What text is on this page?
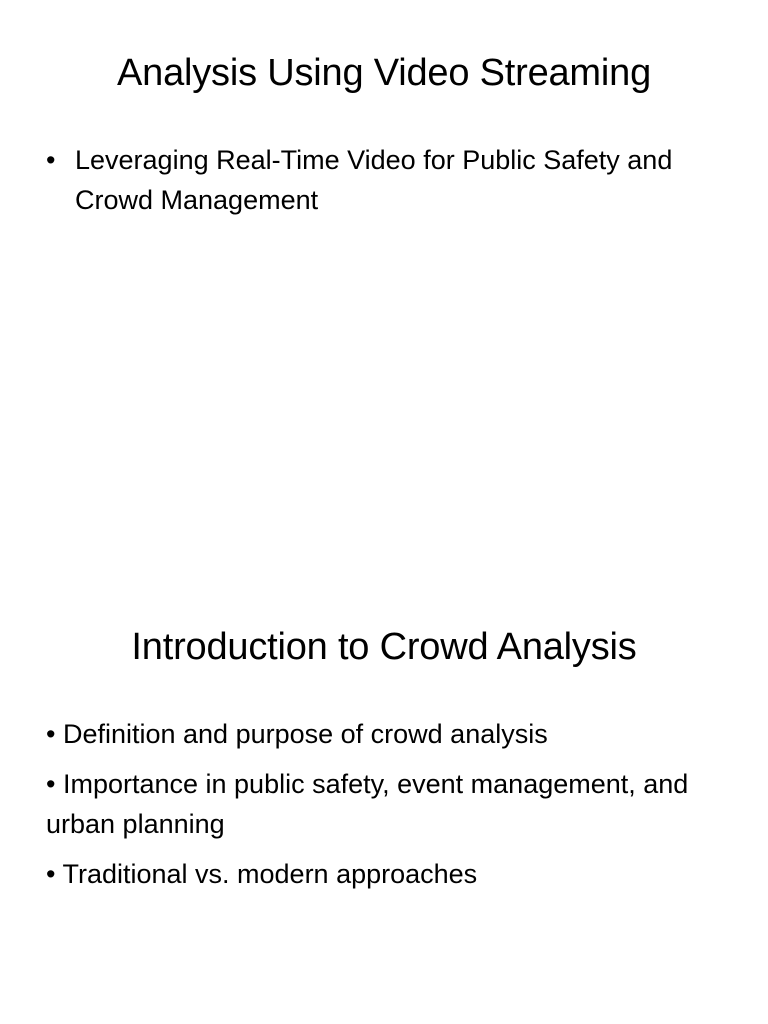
Analysis Using Video Streaming
• Leveraging Real-Time Video for Public Safety and Crowd Management
Introduction to Crowd Analysis
• Definition and purpose of crowd analysis
• Importance in public safety, event management, and urban planning
• Traditional vs. modern approaches
